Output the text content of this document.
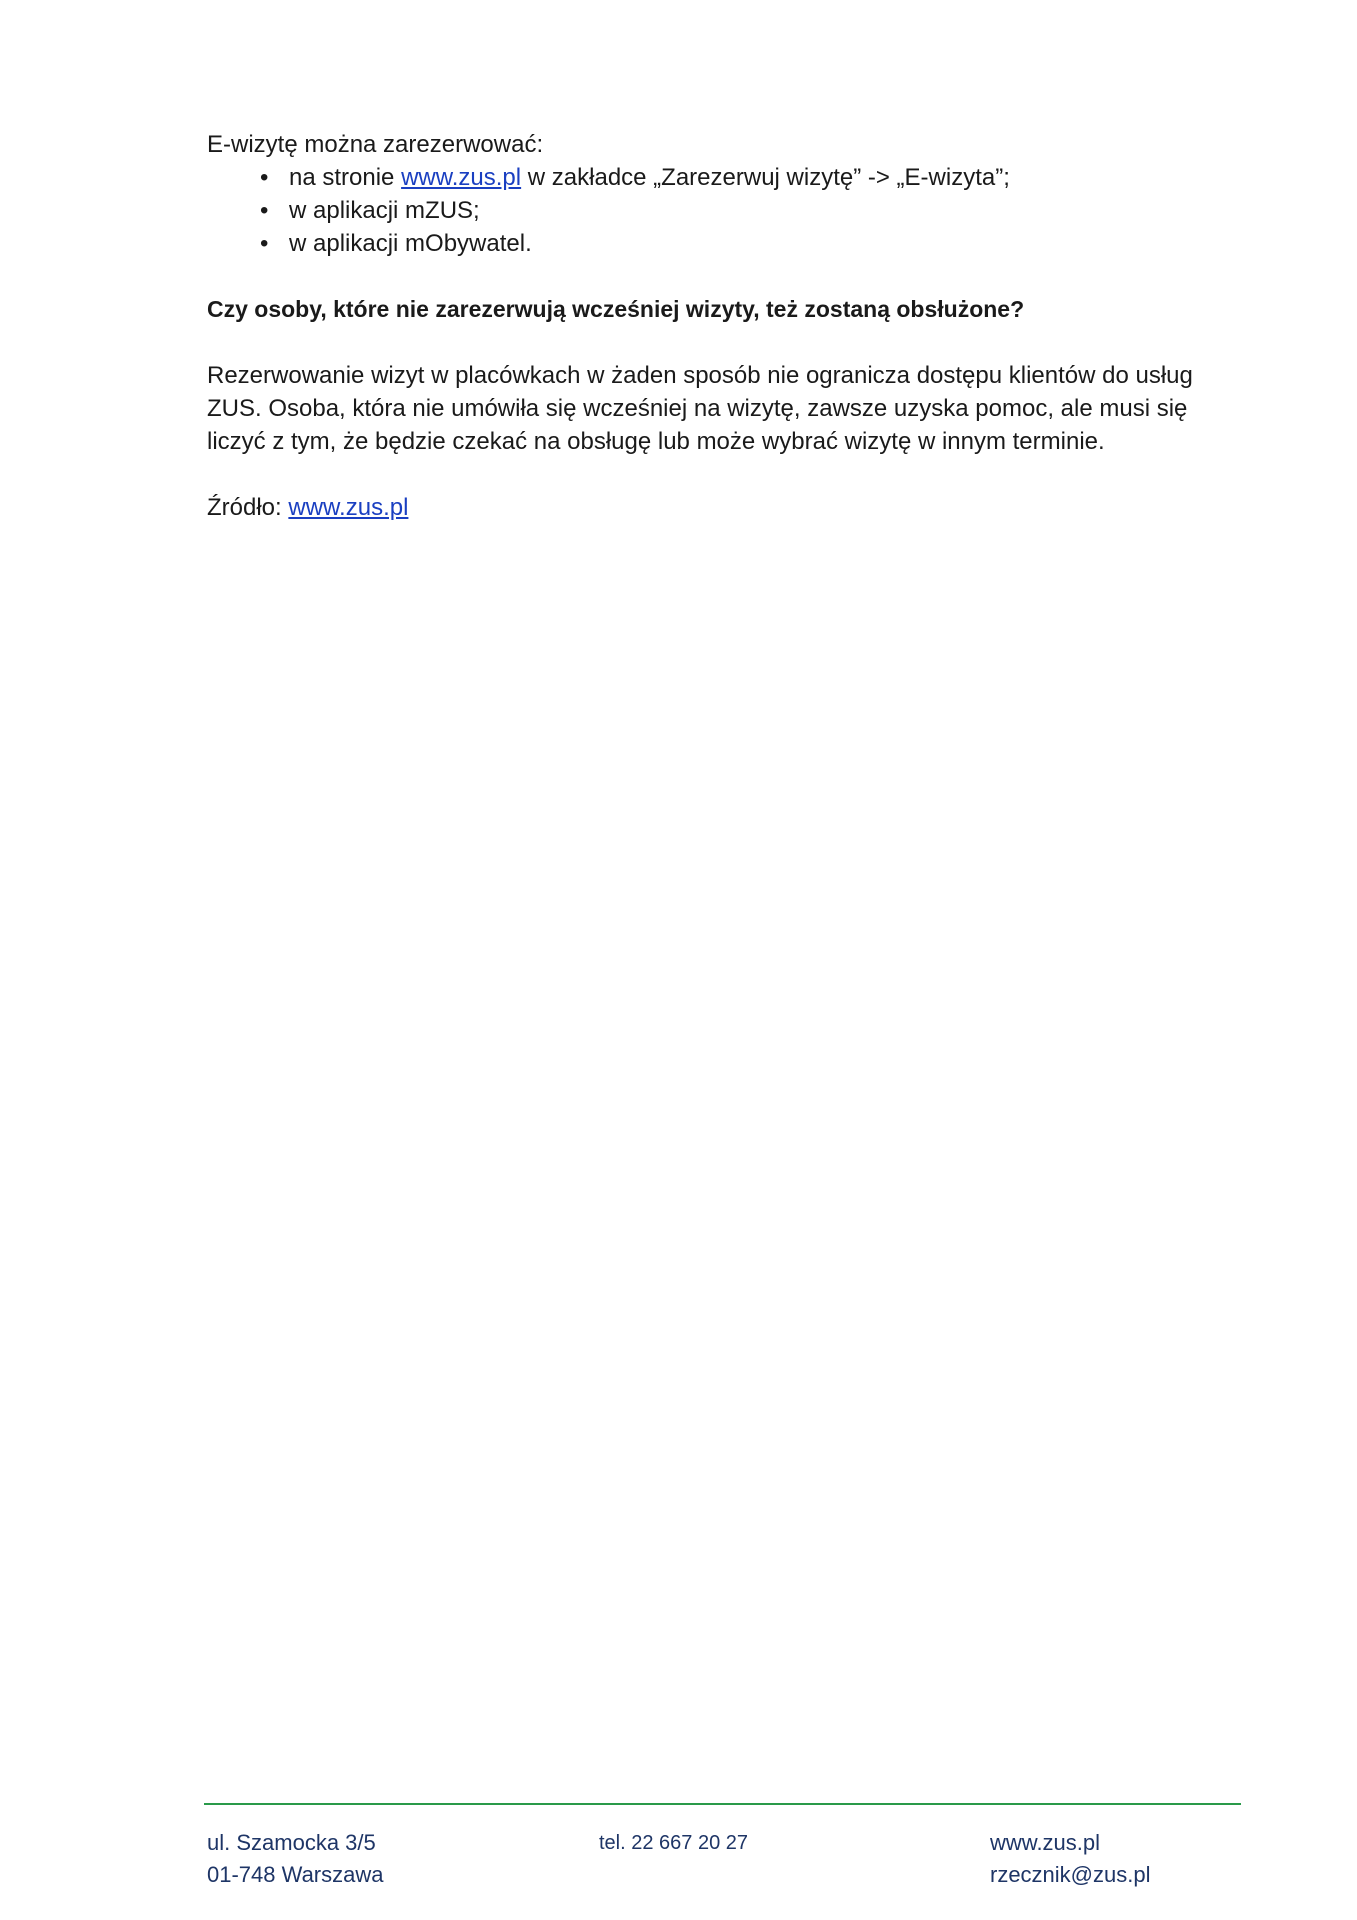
E-wizytę można zarezerwować:

• na stronie www.zus.pl w zakładce „Zarezerwuj wizytę” -> „E-wizyta”;
• w aplikacji mZUS;
• w aplikacji mObywatel.

Czy osoby, które nie zarezerwują wcześniej wizyty, też zostaną obsłużone?

Rezerwowanie wizyt w placówkach w żaden sposób nie ogranicza dostępu klientów do usług ZUS. Osoba, która nie umówiła się wcześniej na wizytę, zawsze uzyska pomoc, ale musi się liczyć z tym, że będzie czekać na obsługę lub może wybrać wizytę w innym terminie.

Źródło: www.zus.pl

ul. Szamocka 3/5
01-748 Warszawa
tel. 22 667 20 27	www.zus.pl
rzecznik@zus.pl
